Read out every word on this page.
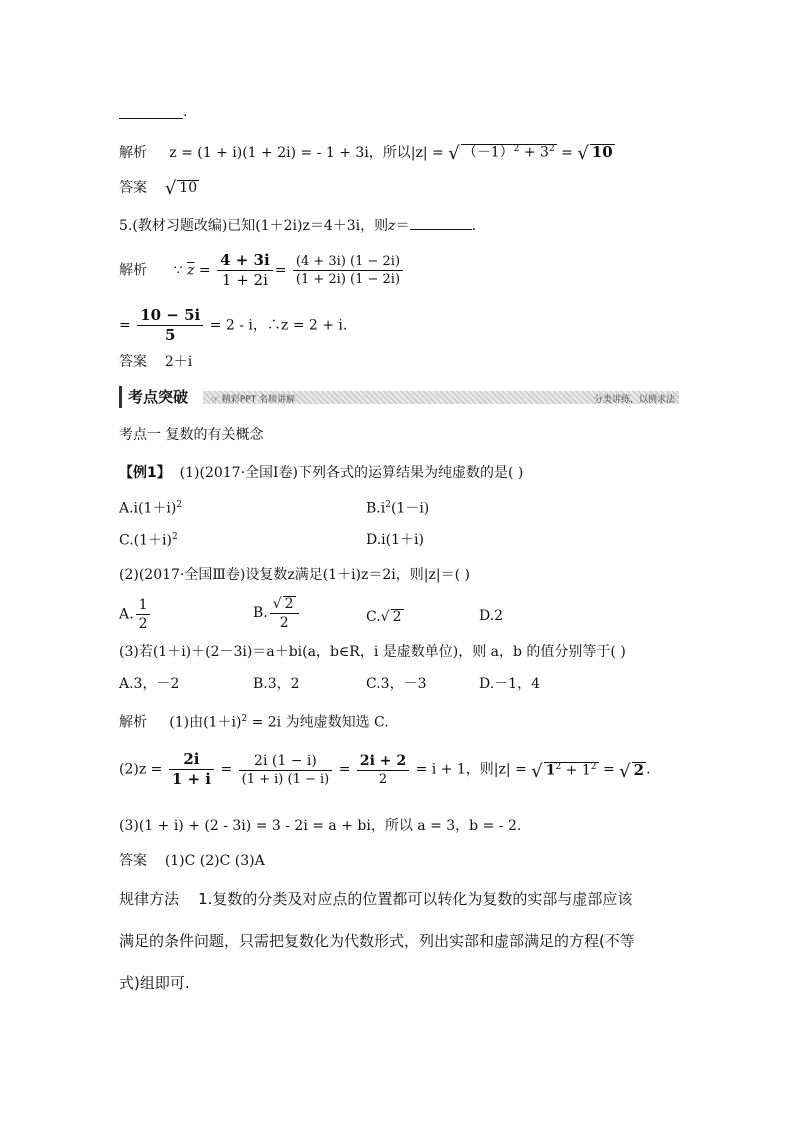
.
解析 z = (1 + i)(1 + 2i) = - 1 + 3i，所以|z| = √ $(-1)^2 + 3^2$ = √ 10
答案 √ 10
5.(教材习题改编)已知(1＋2i)z＝4＋3i，则z＝	.
解析 ∵ $\overline{z} = \frac{4 + 3i}{1 + 2i} = \frac{(4 + 3i) (1 - 2i)}{(1 + 2i) (1 - 2i)}$
= $\frac{10 - 5i}{5} = 2 - i$，∴z = 2 + i.
答案 2＋i
考点突破	☞ 精彩PPT 名师讲解	分类讲练，以例求法
考点一 复数的有关概念
【例1】 (1)(2017·全国Ⅰ卷)下列各式的运算结果为纯虚数的是( )
$A.i(1+i)^2$	$B.i^2(1-i)$
$C.(1+i)^2$	D.i(1＋i)
(2)(2017·全国Ⅲ卷)设复数z满足(1＋i)z＝2i，则|z|＝( )
A. $\frac{1}{2}$	B. $\frac{√ 2}{2}$	C.√ 2	D.2
(3)若(1＋i)＋(2－3i)＝a＋bi(a，b∈R，i 是虚数单位)，则 a，b 的值分别等于( )
A.3，－2	B.3，2	C.3，－3	D.－1，4
解析 (1)由$(1+i)^2 = 2i$ 为纯虚数知选 C.
$(2)z = \frac{2i}{1 + i} = \frac{2i (1 - i)}{(1 + i) (1 - i)} = \frac{2i + 2}{2} = i + 1$，则|z| = √ $1^2 + 1^2$ = √ 2 .
(3)(1 + i) + (2 - 3i) = 3 - 2i = a + bi，所以 a = 3，b = - 2.
答案 (1)C (2)C (3)A
规律方法 1.复数的分类及对应点的位置都可以转化为复数的实部与虚部应该
满足的条件问题，只需把复数化为代数形式，列出实部和虚部满足的方程(不等
式)组即可.
